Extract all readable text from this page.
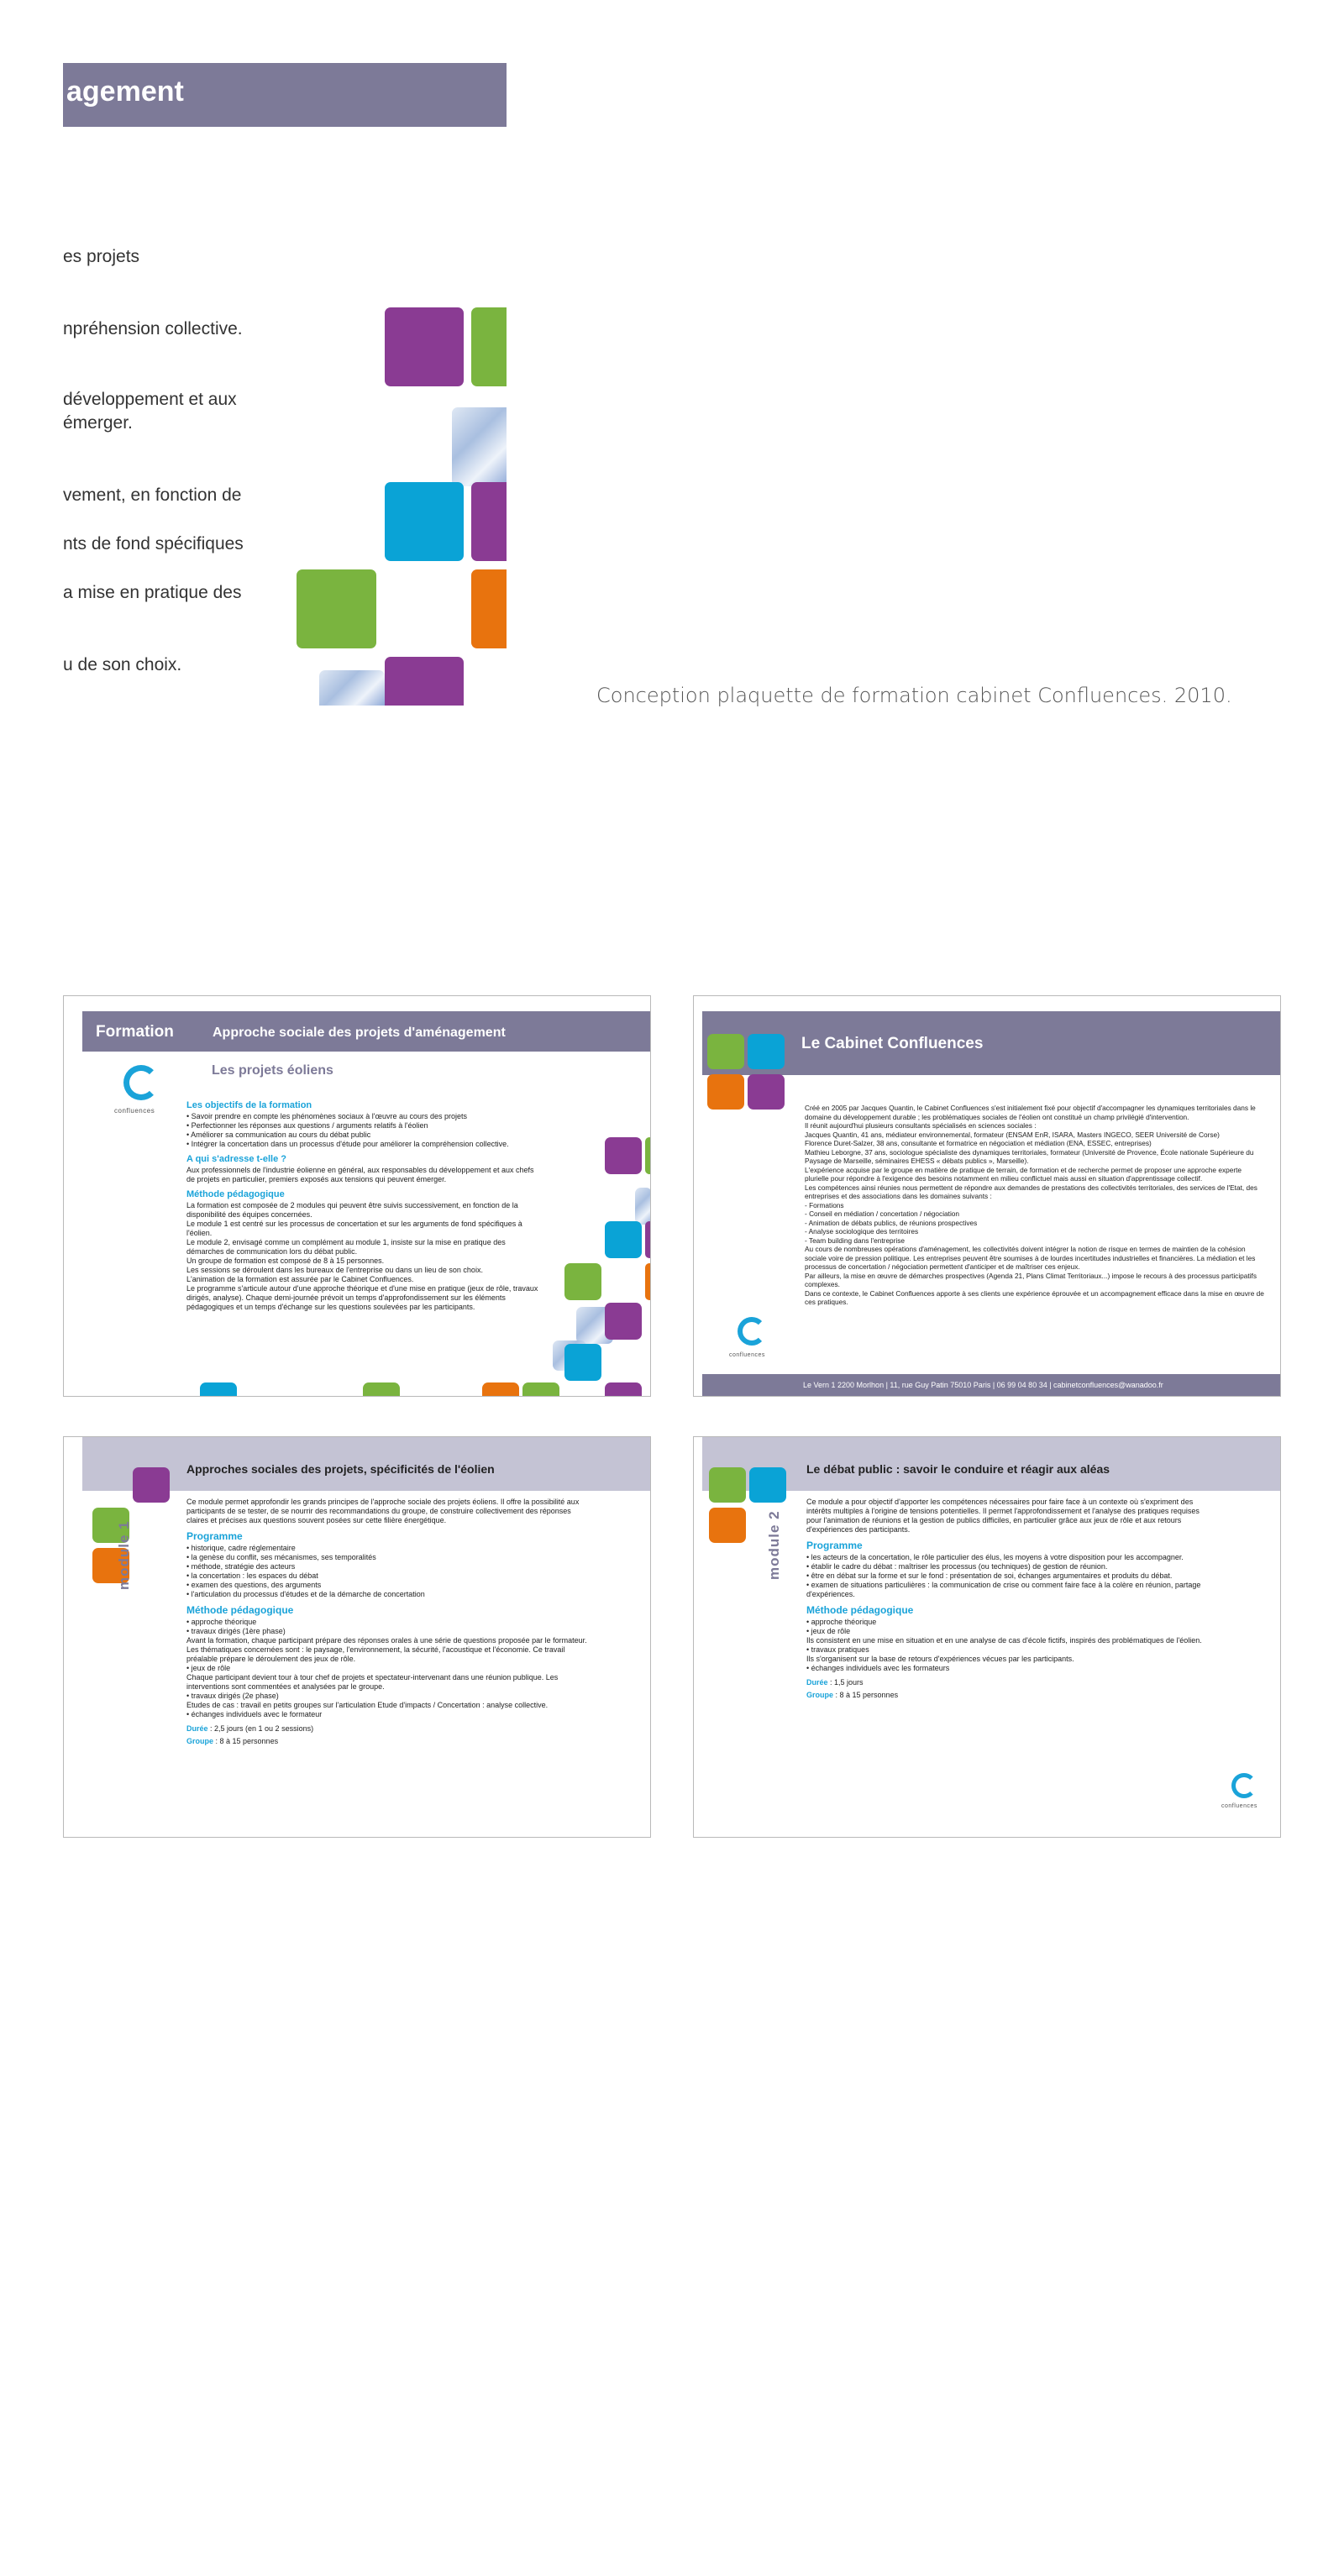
agement
es projets
npréhension collective.
développement et aux
émerger.
vement, en fonction de
nts de fond spécifiques
a mise en pratique des
u de son choix.
Conception plaquette de formation cabinet Confluences. 2010.
Formation	Approche sociale des projets d'aménagement
confluences
Les projets éoliens
Les objectifs de la formation

• Savoir prendre en compte les phénomènes sociaux à l'œuvre au cours des projets
• Perfectionner les réponses aux questions / arguments relatifs à l'éolien
• Améliorer sa communication au cours du débat public
• Intégrer la concertation dans un processus d'étude pour améliorer la compréhension collective.

A qui s'adresse t-elle ?

Aux professionnels de l'industrie éolienne en général, aux responsables du développement et aux chefs de projets en particulier, premiers exposés aux tensions qui peuvent émerger.

Méthode pédagogique

La formation est composée de 2 modules qui peuvent être suivis successivement, en fonction de la disponibilité des équipes concernées.
Le module 1 est centré sur les processus de concertation et sur les arguments de fond spécifiques à l'éolien.
Le module 2, envisagé comme un complément au module 1, insiste sur la mise en pratique des démarches de communication lors du débat public.
Un groupe de formation est composé de 8 à 15 personnes.
Les sessions se déroulent dans les bureaux de l'entreprise ou dans un lieu de son choix.
L'animation de la formation est assurée par le Cabinet Confluences.
Le programme s'articule autour d'une approche théorique et d'une mise en pratique (jeux de rôle, travaux dirigés, analyse). Chaque demi-journée prévoit un temps d'approfondissement sur les éléments pédagogiques et un temps d'échange sur les questions soulevées par les participants.

Le Cabinet Confluences
confluences

Créé en 2005 par Jacques Quantin, le Cabinet Confluences s'est initialement fixé pour objectif d'accompagner les dynamiques territoriales dans le domaine du développement durable ; les problématiques sociales de l'éolien ont constitué un champ privilégié d'intervention.
Il réunit aujourd'hui plusieurs consultants spécialisés en sciences sociales :
Jacques Quantin, 41 ans, médiateur environnemental, formateur (ENSAM EnR, ISARA, Masters INGECO, SEER Université de Corse)
Florence Duret-Salzer, 38 ans, consultante et formatrice en négociation et médiation (ENA, ESSEC, entreprises)
Mathieu Leborgne, 37 ans, sociologue spécialiste des dynamiques territoriales, formateur (Université de Provence, École nationale Supérieure du Paysage de Marseille, séminaires EHESS « débats publics », Marseille).
L'expérience acquise par le groupe en matière de pratique de terrain, de formation et de recherche permet de proposer une approche experte plurielle pour répondre à l'exigence des besoins notamment en milieu conflictuel mais aussi en situation d'apprentissage collectif.
Les compétences ainsi réunies nous permettent de répondre aux demandes de prestations des collectivités territoriales, des services de l'Etat, des entreprises et des associations dans les domaines suivants :
- Formations
- Conseil en médiation / concertation / négociation
- Animation de débats publics, de réunions prospectives
- Analyse sociologique des territoires
- Team building dans l'entreprise
Au cours de nombreuses opérations d'aménagement, les collectivités doivent intégrer la notion de risque en termes de maintien de la cohésion sociale voire de pression politique. Les entreprises peuvent être soumises à de lourdes incertitudes industrielles et financières. La médiation et les processus de concertation / négociation permettent d'anticiper et de maîtriser ces enjeux.
Par ailleurs, la mise en œuvre de démarches prospectives (Agenda 21, Plans Climat Territoriaux...) impose le recours à des processus participatifs complexes.
Dans ce contexte, le Cabinet Confluences apporte à ses clients une expérience éprouvée et un accompagnement efficace dans la mise en œuvre de ces pratiques.

Le Vern 1 2200 Morlhon | 11, rue Guy Patin 75010 Paris | 06 99 04 80 34 | cabinetconfluences@wanadoo.fr
Approches sociales des projets, spécificités de l'éolien
module 1

Ce module permet approfondir les grands principes de l'approche sociale des projets éoliens. Il offre la possibilité aux participants de se tester, de se nourrir des recommandations du groupe, de construire collectivement des réponses claires et précises aux questions souvent posées sur cette filière énergétique.

Programme

• historique, cadre réglementaire
• la genèse du conflit, ses mécanismes, ses temporalités
• méthode, stratégie des acteurs
• la concertation : les espaces du débat
• examen des questions, des arguments
• l'articulation du processus d'études et de la démarche de concertation

Méthode pédagogique

• approche théorique
• travaux dirigés (1ère phase)
Avant la formation, chaque participant prépare des réponses orales à une série de questions proposée par le formateur. Les thématiques concernées sont : le paysage, l'environnement, la sécurité, l'acoustique et l'économie. Ce travail préalable prépare le déroulement des jeux de rôle.
• jeux de rôle
Chaque participant devient tour à tour chef de projets et spectateur-intervenant dans une réunion publique. Les interventions sont commentées et analysées par le groupe.
• travaux dirigés (2e phase)
Etudes de cas : travail en petits groupes sur l'articulation Etude d'impacts / Concertation : analyse collective.
• échanges individuels avec le formateur

Durée : 2,5 jours (en 1 ou 2 sessions)

Groupe : 8 à 15 personnes

Le débat public : savoir le conduire et réagir aux aléas
module 2

Ce module a pour objectif d'apporter les compétences nécessaires pour faire face à un contexte où s'expriment des intérêts multiples à l'origine de tensions potentielles. Il permet l'approfondissement et l'analyse des pratiques requises pour l'animation de réunions et la gestion de publics difficiles, en particulier grâce aux jeux de rôle et aux retours d'expériences des participants.

Programme

• les acteurs de la concertation, le rôle particulier des élus, les moyens à votre disposition pour les accompagner.
• établir le cadre du débat : maîtriser les processus (ou techniques) de gestion de réunion.
• être en débat sur la forme et sur le fond : présentation de soi, échanges argumentaires et produits du débat.
• examen de situations particulières : la communication de crise ou comment faire face à la colère en réunion, partage d'expériences.

Méthode pédagogique

• approche théorique
• jeux de rôle
Ils consistent en une mise en situation et en une analyse de cas d'école fictifs, inspirés des problématiques de l'éolien.
• travaux pratiques
Ils s'organisent sur la base de retours d'expériences vécues par les participants.
• échanges individuels avec les formateurs

Durée : 1,5 jours

Groupe : 8 à 15 personnes

confluences
